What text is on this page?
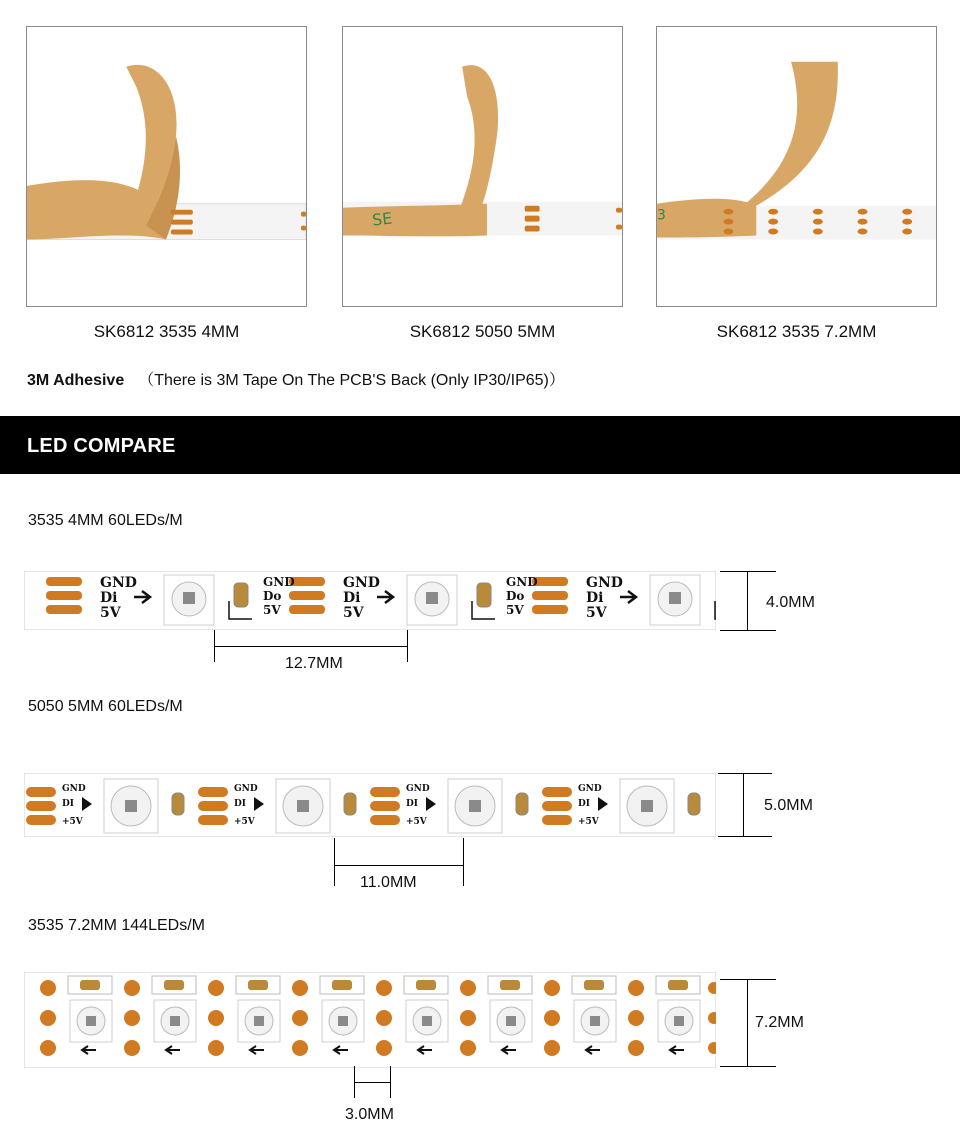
SK6812 3535 4MM
SE
SK6812 5050 5MM
3
SK6812 3535 7.2MM
3M Adhesive （There is 3M Tape On The PCB'S Back (Only IP30/IP65)）
LED COMPARE
3535 4MM 60LEDs/M
GND
Di
5V
GND
Do
5V
GND
Di
5V
GND
Do
5V
GND
Di
5V
4.0MM
12.7MM
5050 5MM 60LEDs/M
GND
DI
+5V
GND
DI
+5V
GND
DI
+5V
GND
DI
+5V
5.0MM
11.0MM
3535 7.2MM 144LEDs/M
7.2MM
3.0MM
